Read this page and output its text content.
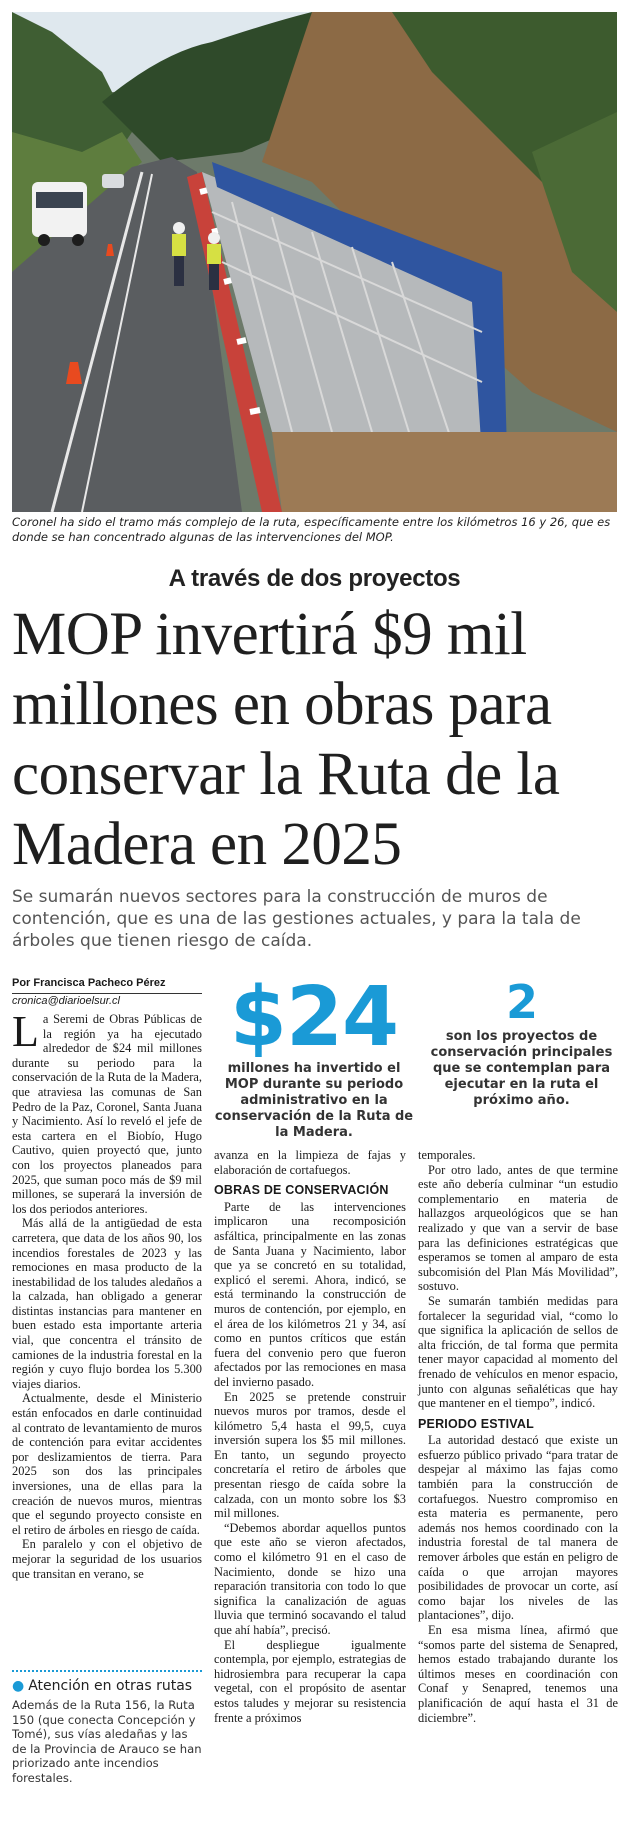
Coronel ha sido el tramo más complejo de la ruta, específicamente entre los kilómetros 16 y 26, que es donde se han concentrado algunas de las intervenciones del MOP.
A través de dos proyectos
MOP invertirá $9 mil millones en obras para conservar la Ruta de la Madera en 2025
Se sumarán nuevos sectores para la construcción de muros de contención, que es una de las gestiones actuales, y para la tala de árboles que tienen riesgo de caída.
Por Francisca Pacheco Pérez
cronica@diarioelsur.cl	$24
millones ha invertido el MOP durante su periodo administrativo en la conservación de la Ruta de la Madera.
2
son los proyectos de conservación principales que se contemplan para ejecutar en la ruta el próximo año.

La Seremi de Obras Públicas de la región ya ha ejecutado alrededor de $24 mil millones durante su periodo para la conservación de la Ruta de la Madera, que atraviesa las comunas de San Pedro de la Paz, Coronel, Santa Juana y Nacimiento. Así lo reveló el jefe de esta cartera en el Biobío, Hugo Cautivo, quien proyectó que, junto con los proyectos planeados para 2025, que suman poco más de $9 mil millones, se superará la inversión de los dos periodos anteriores.

Más allá de la antigüedad de esta carretera, que data de los años 90, los incendios forestales de 2023 y las remociones en masa producto de la inestabilidad de los taludes aledaños a la calzada, han obligado a generar distintas instancias para mantener en buen estado esta importante arteria vial, que concentra el tránsito de camiones de la industria forestal en la región y cuyo flujo bordea los 5.300 viajes diarios.

Actualmente, desde el Ministerio están enfocados en darle continuidad al contrato de levantamiento de muros de contención para evitar accidentes por deslizamientos de tierra. Para 2025 son dos las principales inversiones, una de ellas para la creación de nuevos muros, mientras que el segundo proyecto consiste en el retiro de árboles en riesgo de caída.

En paralelo y con el objetivo de mejorar la seguridad de los usuarios que transitan en verano, se

avanza en la limpieza de fajas y elaboración de cortafuegos.

OBRAS DE CONSERVACIÓN

Parte de las intervenciones implicaron una recomposición asfáltica, principalmente en las zonas de Santa Juana y Nacimiento, labor que ya se concretó en su totalidad, explicó el seremi. Ahora, indicó, se está terminando la construcción de muros de contención, por ejemplo, en el área de los kilómetros 21 y 34, así como en puntos críticos que están fuera del convenio pero que fueron afectados por las remociones en masa del invierno pasado.

En 2025 se pretende construir nuevos muros por tramos, desde el kilómetro 5,4 hasta el 99,5, cuya inversión supera los $5 mil millones. En tanto, un segundo proyecto concretaría el retiro de árboles que presentan riesgo de caída sobre la calzada, con un monto sobre los $3 mil millones.

“Debemos abordar aquellos puntos que este año se vieron afectados, como el kilómetro 91 en el caso de Nacimiento, donde se hizo una reparación transitoria con todo lo que significa la canalización de aguas lluvia que terminó socavando el talud que ahí había”, precisó.

El despliegue igualmente contempla, por ejemplo, estrategias de hidrosiembra para recuperar la capa vegetal, con el propósito de asentar estos taludes y mejorar su resistencia frente a próximos

temporales.

Por otro lado, antes de que termine este año debería culminar “un estudio complementario en materia de hallazgos arqueológicos que se han realizado y que van a servir de base para las definiciones estratégicas que esperamos se tomen al amparo de esta subcomisión del Plan Más Movilidad”, sostuvo.

Se sumarán también medidas para fortalecer la seguridad vial, “como lo que significa la aplicación de sellos de alta fricción, de tal forma que permita tener mayor capacidad al momento del frenado de vehículos en menor espacio, junto con algunas señaléticas que hay que mantener en el tiempo”, indicó.

PERIODO ESTIVAL

La autoridad destacó que existe un esfuerzo público privado “para tratar de despejar al máximo las fajas como también para la construcción de cortafuegos. Nuestro compromiso en esta materia es permanente, pero además nos hemos coordinado con la industria forestal de tal manera de remover árboles que están en peligro de caída o que arrojan mayores posibilidades de provocar un corte, así como bajar los niveles de las plantaciones”, dijo.

En esa misma línea, afirmó que “somos parte del sistema de Senapred, hemos estado trabajando durante los últimos meses en coordinación con Conaf y Senapred, tenemos una planificación de aquí hasta el 31 de diciembre”.

● Atención en otras rutas
Además de la Ruta 156, la Ruta 150 (que conecta Concepción y Tomé), sus vías aledañas y las de la Provincia de Arauco se han priorizado ante incendios forestales.
